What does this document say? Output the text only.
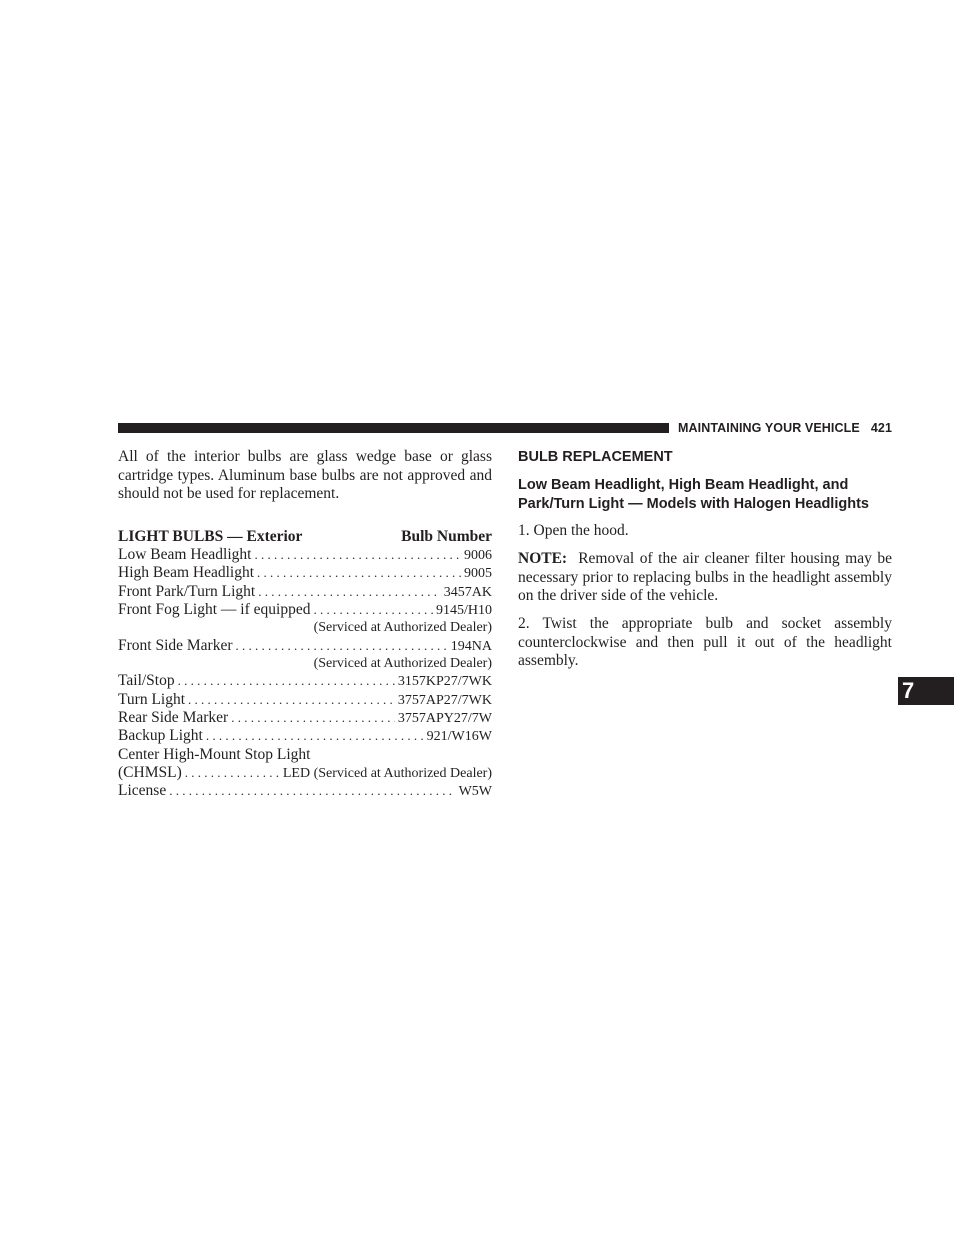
MAINTAINING YOUR VEHICLE 421

All of the interior bulbs are glass wedge base or glass cartridge types. Aluminum base bulbs are not approved and should not be used for replacement.

LIGHT BULBS — Exterior	Bulb Number
Low Beam Headlight . . .	9006
High Beam Headlight . . .	9005
Front Park/Turn Light . . .	3457AK
Front Fog Light — if equipped . . .	9145/H10
(Serviced at Authorized Dealer)
Front Side Marker . . .	194NA
(Serviced at Authorized Dealer)
Tail/Stop . . .	3157KP27/7WK
Turn Light . . .	3757AP27/7WK
Rear Side Marker . . .	3757APY27/7W
Backup Light . . .	921/W16W
Center High-Mount Stop Light
(CHMSL) . . .	LED (Serviced at Authorized Dealer)
License . . .	W5W

BULB REPLACEMENT

Low Beam Headlight, High Beam Headlight, and Park/Turn Light — Models with Halogen Headlights

1. Open the hood.

NOTE: Removal of the air cleaner filter housing may be necessary prior to replacing bulbs in the headlight assembly on the driver side of the vehicle.

2. Twist the appropriate bulb and socket assembly counterclockwise and then pull it out of the headlight assembly.

7
